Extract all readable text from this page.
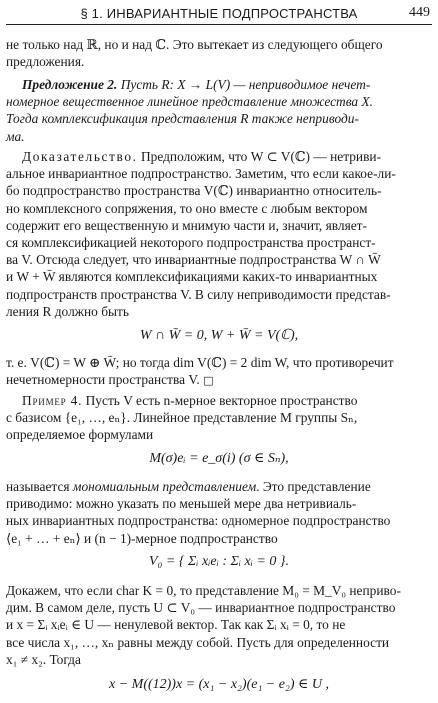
§ 1. ИНВАРИАНТНЫЕ ПОДПРОСТРАНСТВА	449

не только над ℝ, но и над ℂ. Это вытекает из следующего общего

предложения.

Предложение 2. Пусть R: X → L(V) — неприводимое нечет-

номерное вещественное линейное представление множества X.

Тогда комплексификация представления R также неприводи-

ма.

Доказательство. Предположим, что W ⊂ V(ℂ) — нетриви-

альное инвариантное подпространство. Заметим, что если какое-ли-

бо подпространство пространства V(ℂ) инвариантно относитель-

но комплексного сопряжения, то оно вместе с любым вектором

содержит его вещественную и мнимую части и, значит, являет-

ся комплексификацией некоторого подпространства пространст-

ва V. Отсюда следует, что инвариантные подпространства W ∩ W̄

и W + W̄ являются комплексификациями каких-то инвариантных

подпространств пространства V. В силу неприводимости представ-

ления R должно быть

W ∩ W̄ = 0, W + W̄ = V(ℂ),

т. е. V(ℂ) = W ⊕ W̄; но тогда dim V(ℂ) = 2 dim W, что противоречит

нечетномерности пространства V. □

Пример 4. Пусть V есть n-мерное векторное пространство

с базисом {e₁, …, eₙ}. Линейное представление M группы Sₙ,

определяемое формулами

M(σ)eᵢ = e_σ(i) (σ ∈ Sₙ),

называется мономиальным представлением. Это представление

приводимо: можно указать по меньшей мере два нетривиаль-

ных инвариантных подпространства: одномерное подпространство

⟨e₁ + … + eₙ⟩ и (n − 1)-мерное подпространство

V₀ = { Σᵢ xᵢeᵢ : Σᵢ xᵢ = 0 }.

Докажем, что если char K = 0, то представление M₀ = M_V₀ неприво-

дим. В самом деле, пусть U ⊂ V₀ — инвариантное подпространство

и x = Σᵢ xᵢeᵢ ∈ U — ненулевой вектор. Так как Σᵢ xᵢ = 0, то не

все числа x₁, …, xₙ равны между собой. Пусть для определенности

x₁ ≠ x₂. Тогда

x − M((12))x = (x₁ − x₂)(e₁ − e₂) ∈ U ,
